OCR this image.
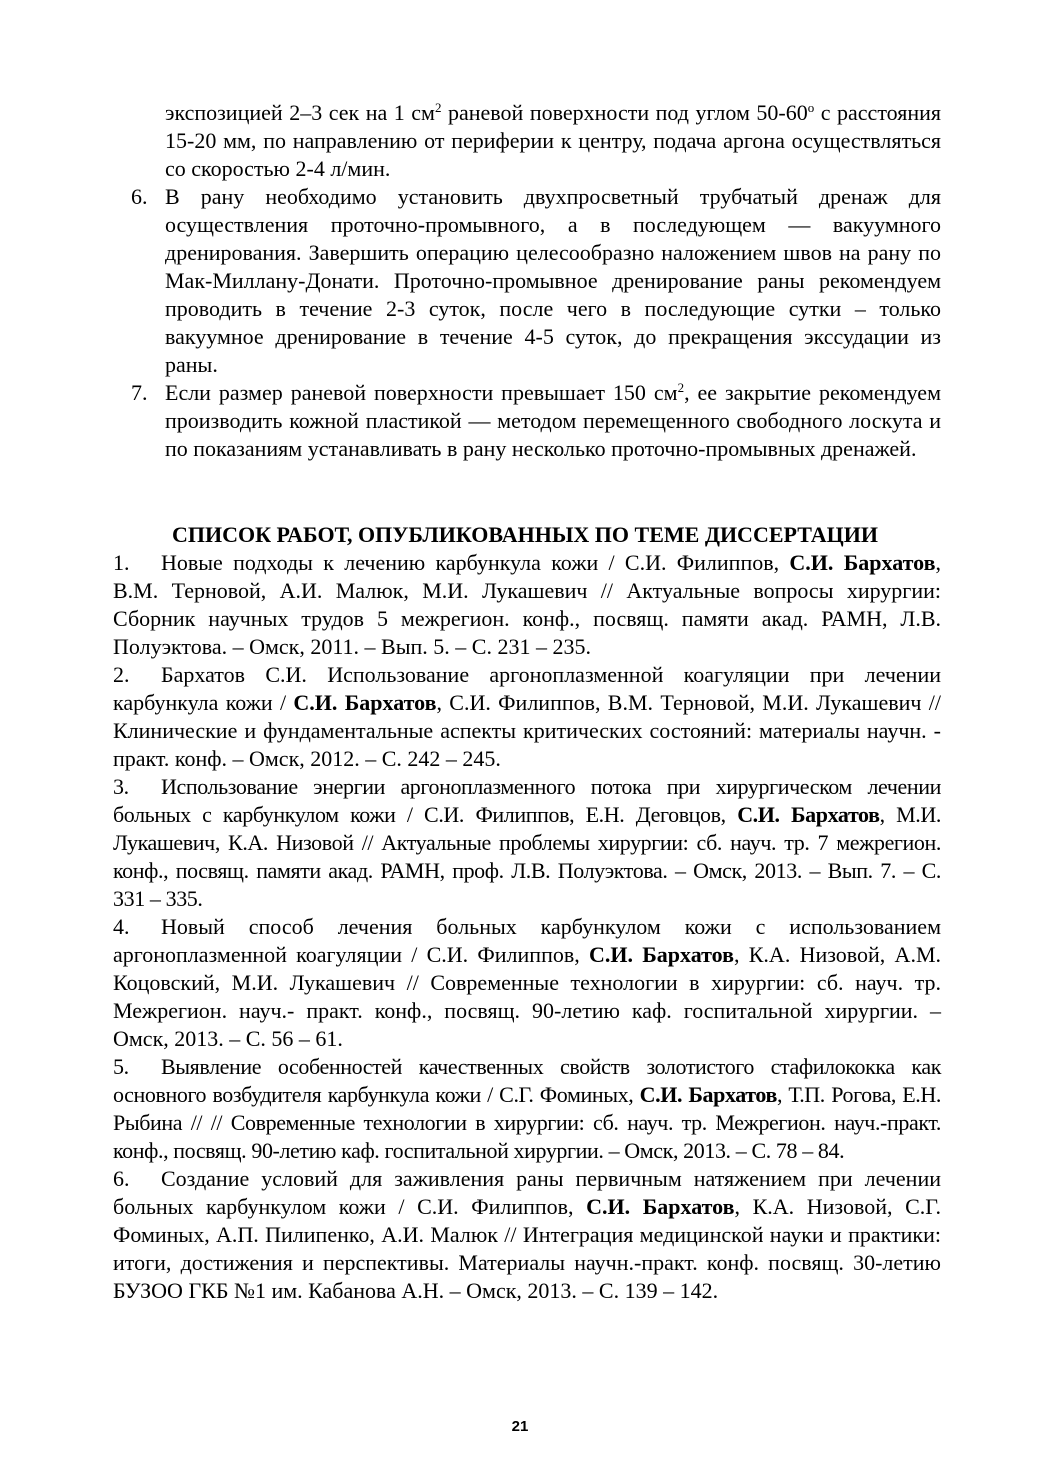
экспозицией 2–3 сек на 1 $см^2$ раневой поверхности под углом $50-60^о$ с расстояния 15-20 мм, по направлению от периферии к центру, подача аргона осуществляться со скоростью 2-4 л/мин.
6. В рану необходимо установить двухпросветный трубчатый дренаж для осуществления проточно-промывного, а в последующем — вакуумного дренирования. Завершить операцию целесообразно наложением швов на рану по Мак-Миллану-Донати. Проточно-промывное дренирование раны рекомендуем проводить в течение 2-3 суток, после чего в последующие сутки – только вакуумное дренирование в течение 4-5 суток, до прекращения экссудации из раны.
7. Если размер раневой поверхности превышает 150 $см^2$, ее закрытие рекомендуем производить кожной пластикой — методом перемещенного свободного лоскута и по показаниям устанавливать в рану несколько проточно-промывных дренажей.
СПИСОК РАБОТ, ОПУБЛИКОВАННЫХ ПО ТЕМЕ ДИССЕРТАЦИИ
1. Новые подходы к лечению карбункула кожи / С.И. Филиппов, С.И. Бархатов, В.М. Терновой, А.И. Малюк, М.И. Лукашевич // Актуальные вопросы хирургии: Сборник научных трудов 5 межрегион. конф., посвящ. памяти акад. РАМН, Л.В. Полуэктова. – Омск, 2011. – Вып. 5. – С. 231 – 235.
2. Бархатов С.И. Использование аргоноплазменной коагуляции при лечении карбункула кожи / С.И. Бархатов, С.И. Филиппов, В.М. Терновой, М.И. Лукашевич // Клинические и фундаментальные аспекты критических состояний: материалы научн. - практ. конф. – Омск, 2012. – С. 242 – 245.
3. Использование энергии аргоноплазменного потока при хирургическом лечении больных с карбункулом кожи / С.И. Филиппов, Е.Н. Деговцов, С.И. Бархатов, М.И. Лукашевич, К.А. Низовой // Актуальные проблемы хирургии: сб. науч. тр. 7 межрегион. конф., посвящ. памяти акад. РАМН, проф. Л.В. Полуэктова. – Омск, 2013. – Вып. 7. – С. 331 – 335.
4. Новый способ лечения больных карбункулом кожи с использованием аргоноплазменной коагуляции / С.И. Филиппов, С.И. Бархатов, К.А. Низовой, А.М. Коцовский, М.И. Лукашевич // Современные технологии в хирургии: сб. науч. тр. Межрегион. науч.- практ. конф., посвящ. 90-летию каф. госпитальной хирургии. – Омск, 2013. – С. 56 – 61.
5. Выявление особенностей качественных свойств золотистого стафилококка как основного возбудителя карбункула кожи / С.Г. Фоминых, С.И. Бархатов, Т.П. Рогова, Е.Н. Рыбина // // Современные технологии в хирургии: сб. науч. тр. Межрегион. науч.-практ. конф., посвящ. 90-летию каф. госпитальной хирургии. – Омск, 2013. – С. 78 – 84.
6. Создание условий для заживления раны первичным натяжением при лечении больных карбункулом кожи / С.И. Филиппов, С.И. Бархатов, К.А. Низовой, С.Г. Фоминых, А.П. Пилипенко, А.И. Малюк // Интеграция медицинской науки и практики: итоги, достижения и перспективы. Материалы научн.-практ. конф. посвящ. 30-летию БУЗОО ГКБ №1 им. Кабанова А.Н. – Омск, 2013. – С. 139 – 142.
21
